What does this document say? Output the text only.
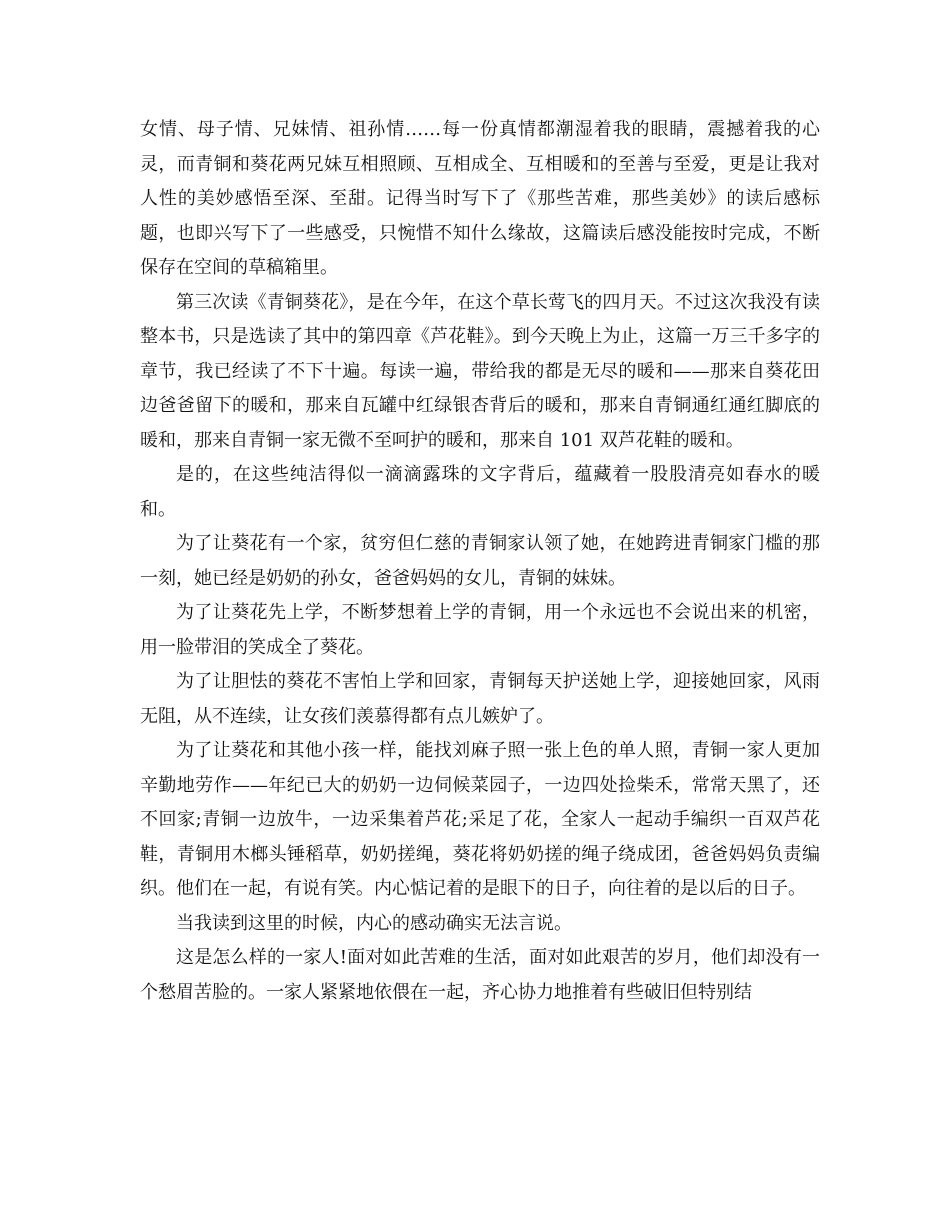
女情、母子情、兄妹情、祖孙情……每一份真情都潮湿着我的眼睛，震撼着我的心灵，而青铜和葵花两兄妹互相照顾、互相成全、互相暖和的至善与至爱，更是让我对人性的美妙感悟至深、至甜。记得当时写下了《那些苦难，那些美妙》的读后感标题，也即兴写下了一些感受，只惋惜不知什么缘故，这篇读后感没能按时完成，不断保存在空间的草稿箱里。

第三次读《青铜葵花》，是在今年，在这个草长莺飞的四月天。不过这次我没有读整本书，只是选读了其中的第四章《芦花鞋》。到今天晚上为止，这篇一万三千多字的章节，我已经读了不下十遍。每读一遍，带给我的都是无尽的暖和——那来自葵花田边爸爸留下的暖和，那来自瓦罐中红绿银杏背后的暖和，那来自青铜通红通红脚底的暖和，那来自青铜一家无微不至呵护的暖和，那来自 101 双芦花鞋的暖和。

是的，在这些纯洁得似一滴滴露珠的文字背后，蕴藏着一股股清亮如春水的暖和。

为了让葵花有一个家，贫穷但仁慈的青铜家认领了她，在她跨进青铜家门槛的那一刻，她已经是奶奶的孙女，爸爸妈妈的女儿，青铜的妹妹。

为了让葵花先上学，不断梦想着上学的青铜，用一个永远也不会说出来的机密，用一脸带泪的笑成全了葵花。

为了让胆怯的葵花不害怕上学和回家，青铜每天护送她上学，迎接她回家，风雨无阻，从不连续，让女孩们羡慕得都有点儿嫉妒了。

为了让葵花和其他小孩一样，能找刘麻子照一张上色的单人照，青铜一家人更加辛勤地劳作——年纪已大的奶奶一边伺候菜园子，一边四处捡柴禾，常常天黑了，还不回家;青铜一边放牛，一边采集着芦花;采足了花，全家人一起动手编织一百双芦花鞋，青铜用木榔头锤稻草，奶奶搓绳，葵花将奶奶搓的绳子绕成团，爸爸妈妈负责编织。他们在一起，有说有笑。内心惦记着的是眼下的日子，向往着的是以后的日子。

当我读到这里的时候，内心的感动确实无法言说。

这是怎么样的一家人!面对如此苦难的生活，面对如此艰苦的岁月，他们却没有一个愁眉苦脸的。一家人紧紧地依偎在一起，齐心协力地推着有些破旧但特别结
